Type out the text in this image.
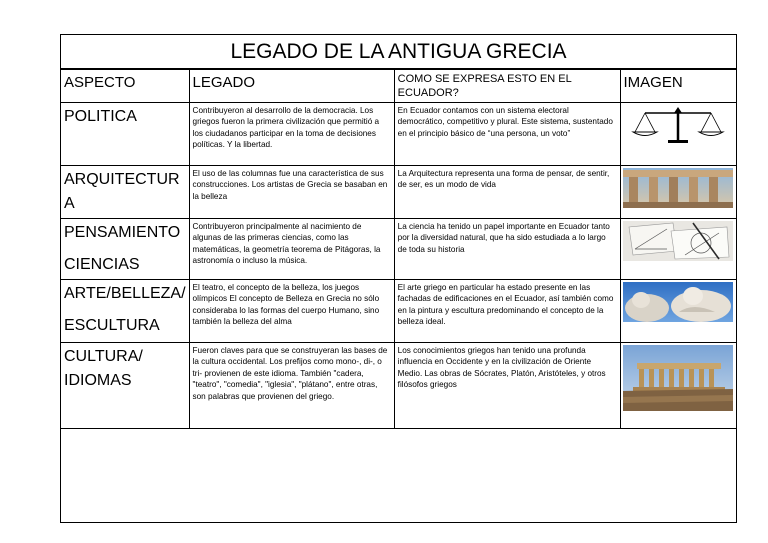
LEGADO DE LA ANTIGUA GRECIA
ASPECTO	LEGADO	COMO SE EXPRESA ESTO EN EL ECUADOR?	IMAGEN

POLITICA	Contribuyeron al desarrollo de la democracia. Los griegos fueron la primera civilización que permitió a los ciudadanos participar en la toma de decisiones políticas. Y la libertad.	En Ecuador contamos con un sistema electoral democrático, competitivo y plural. Este sistema, sustentado en el principio básico de “una persona, un voto”	

ARQUITECTUR
A	El uso de las columnas fue una característica de sus construcciones. Los artistas de Grecia se basaban en la belleza	La Arquitectura representa una forma de pensar, de sentir, de ser, es un modo de vida	

PENSAMIENTO
CIENCIAS	Contribuyeron principalmente al nacimiento de algunas de las primeras ciencias, como las matemáticas, la geometría teorema de Pitágoras, la astronomía o incluso la música.	La ciencia ha tenido un papel importante en Ecuador tanto por la diversidad natural, que ha sido estudiada a lo largo de toda su historia	

ARTE/BELLEZA/
ESCULTURA	El teatro, el concepto de la belleza, los juegos olímpicos El concepto de Belleza en Grecia no sólo consideraba lo las formas del cuerpo Humano, sino también la belleza del alma	El arte griego en particular ha estado presente en las fachadas de edificaciones en el Ecuador, así también como en la pintura y escultura predominando el concepto de la belleza ideal.	

CULTURA/
IDIOMAS	Fueron claves para que se construyeran las bases de la cultura occidental. Los prefijos como mono-, di-, o tri- provienen de este idioma. También "cadera, "teatro", "comedia", "iglesia", "plátano", entre otras, son palabras que provienen del griego.	Los conocimientos griegos han tenido una profunda influencia en Occidente y en la civilización de Oriente Medio. Las obras de Sócrates, Platón, Aristóteles, y otros filósofos griegos	
